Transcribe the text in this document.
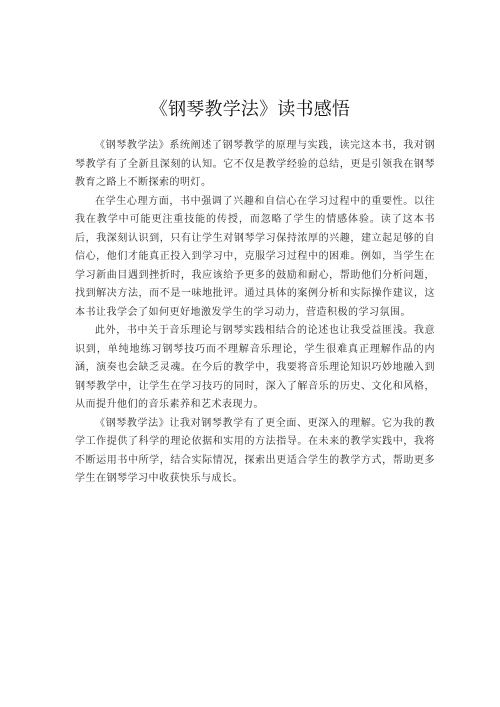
《钢琴教学法》读书感悟

《钢琴教学法》系统阐述了钢琴教学的原理与实践，读完这本书，我对钢琴教学有了全新且深刻的认知。它不仅是教学经验的总结，更是引领我在钢琴教育之路上不断探索的明灯。

在学生心理方面，书中强调了兴趣和自信心在学习过程中的重要性。以往我在教学中可能更注重技能的传授，而忽略了学生的情感体验。读了这本书后，我深刻认识到，只有让学生对钢琴学习保持浓厚的兴趣，建立起足够的自信心，他们才能真正投入到学习中，克服学习过程中的困难。例如，当学生在学习新曲目遇到挫折时，我应该给予更多的鼓励和耐心，帮助他们分析问题，找到解决方法，而不是一味地批评。通过具体的案例分析和实际操作建议，这本书让我学会了如何更好地激发学生的学习动力，营造积极的学习氛围。

此外，书中关于音乐理论与钢琴实践相结合的论述也让我受益匪浅。我意识到，单纯地练习钢琴技巧而不理解音乐理论，学生很难真正理解作品的内涵，演奏也会缺乏灵魂。在今后的教学中，我要将音乐理论知识巧妙地融入到钢琴教学中，让学生在学习技巧的同时，深入了解音乐的历史、文化和风格，从而提升他们的音乐素养和艺术表现力。

《钢琴教学法》让我对钢琴教学有了更全面、更深入的理解。它为我的教学工作提供了科学的理论依据和实用的方法指导。在未来的教学实践中，我将不断运用书中所学，结合实际情况，探索出更适合学生的教学方式，帮助更多学生在钢琴学习中收获快乐与成长。
